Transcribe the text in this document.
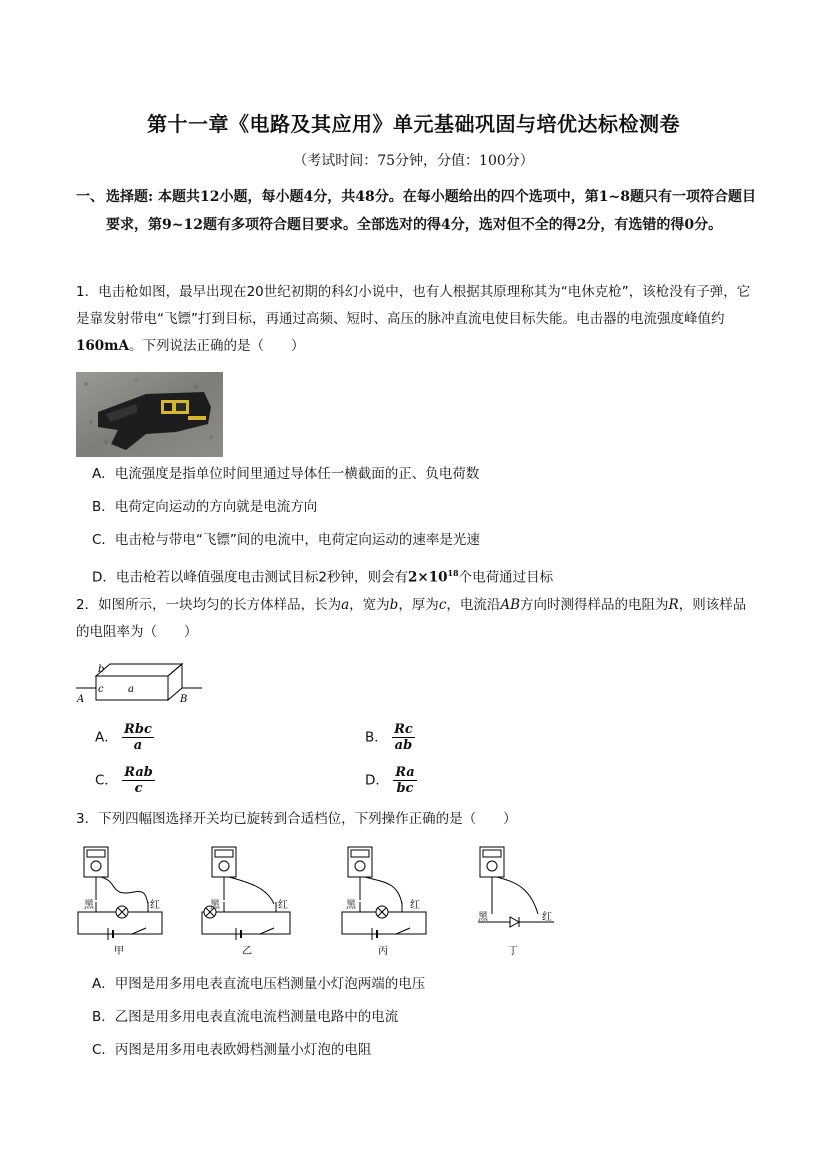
第十一章《电路及其应用》单元基础巩固与培优达标检测卷
（考试时间：75分钟，分值：100分）
一、 选择题: 本题共12小题，每小题4分，共48分。在每小题给出的四个选项中，第1~8题只有一项符合题目要求，第9~12题有多项符合题目要求。全部选对的得4分，选对但不全的得2分，有选错的得0分。
1．电击枪如图，最早出现在20世纪初期的科幻小说中，也有人根据其原理称其为“电休克枪”，该枪没有子弹，它是靠发射带电“飞镖”打到目标，再通过高频、短时、高压的脉冲直流电使目标失能。电击器的电流强度峰值约160mA。下列说法正确的是（　　）
A．电流强度是指单位时间里通过导体任一横截面的正、负电荷数
B．电荷定向运动的方向就是电流方向
C．电击枪与带电“飞镖”间的电流中，电荷定向运动的速率是光速
D．电击枪若以峰值强度电击测试目标2秒钟，则会有$2\times 10^{18}$个电荷通过目标
2．如图所示，一块均匀的长方体样品，长为a，宽为b，厚为c，电流沿AB方向时测得样品的电阻为R，则该样品的电阻率为（　　）
b
c a
A	B
A． $\frac{\text{Rbc}}{a}$	B． $\frac{Rc}{ab}$
C． $\frac{\text{Rab}}{c}$	D． $\frac{Ra}{bc}$
3．下列四幅图选择开关均已旋转到合适档位，下列操作正确的是（　　）
黑	红
甲
黑	红
乙
黑	红
丙
黑	红
丁
A．甲图是用多用电表直流电压档测量小灯泡两端的电压
B．乙图是用多用电表直流电流档测量电路中的电流
C．丙图是用多用电表欧姆档测量小灯泡的电阻
